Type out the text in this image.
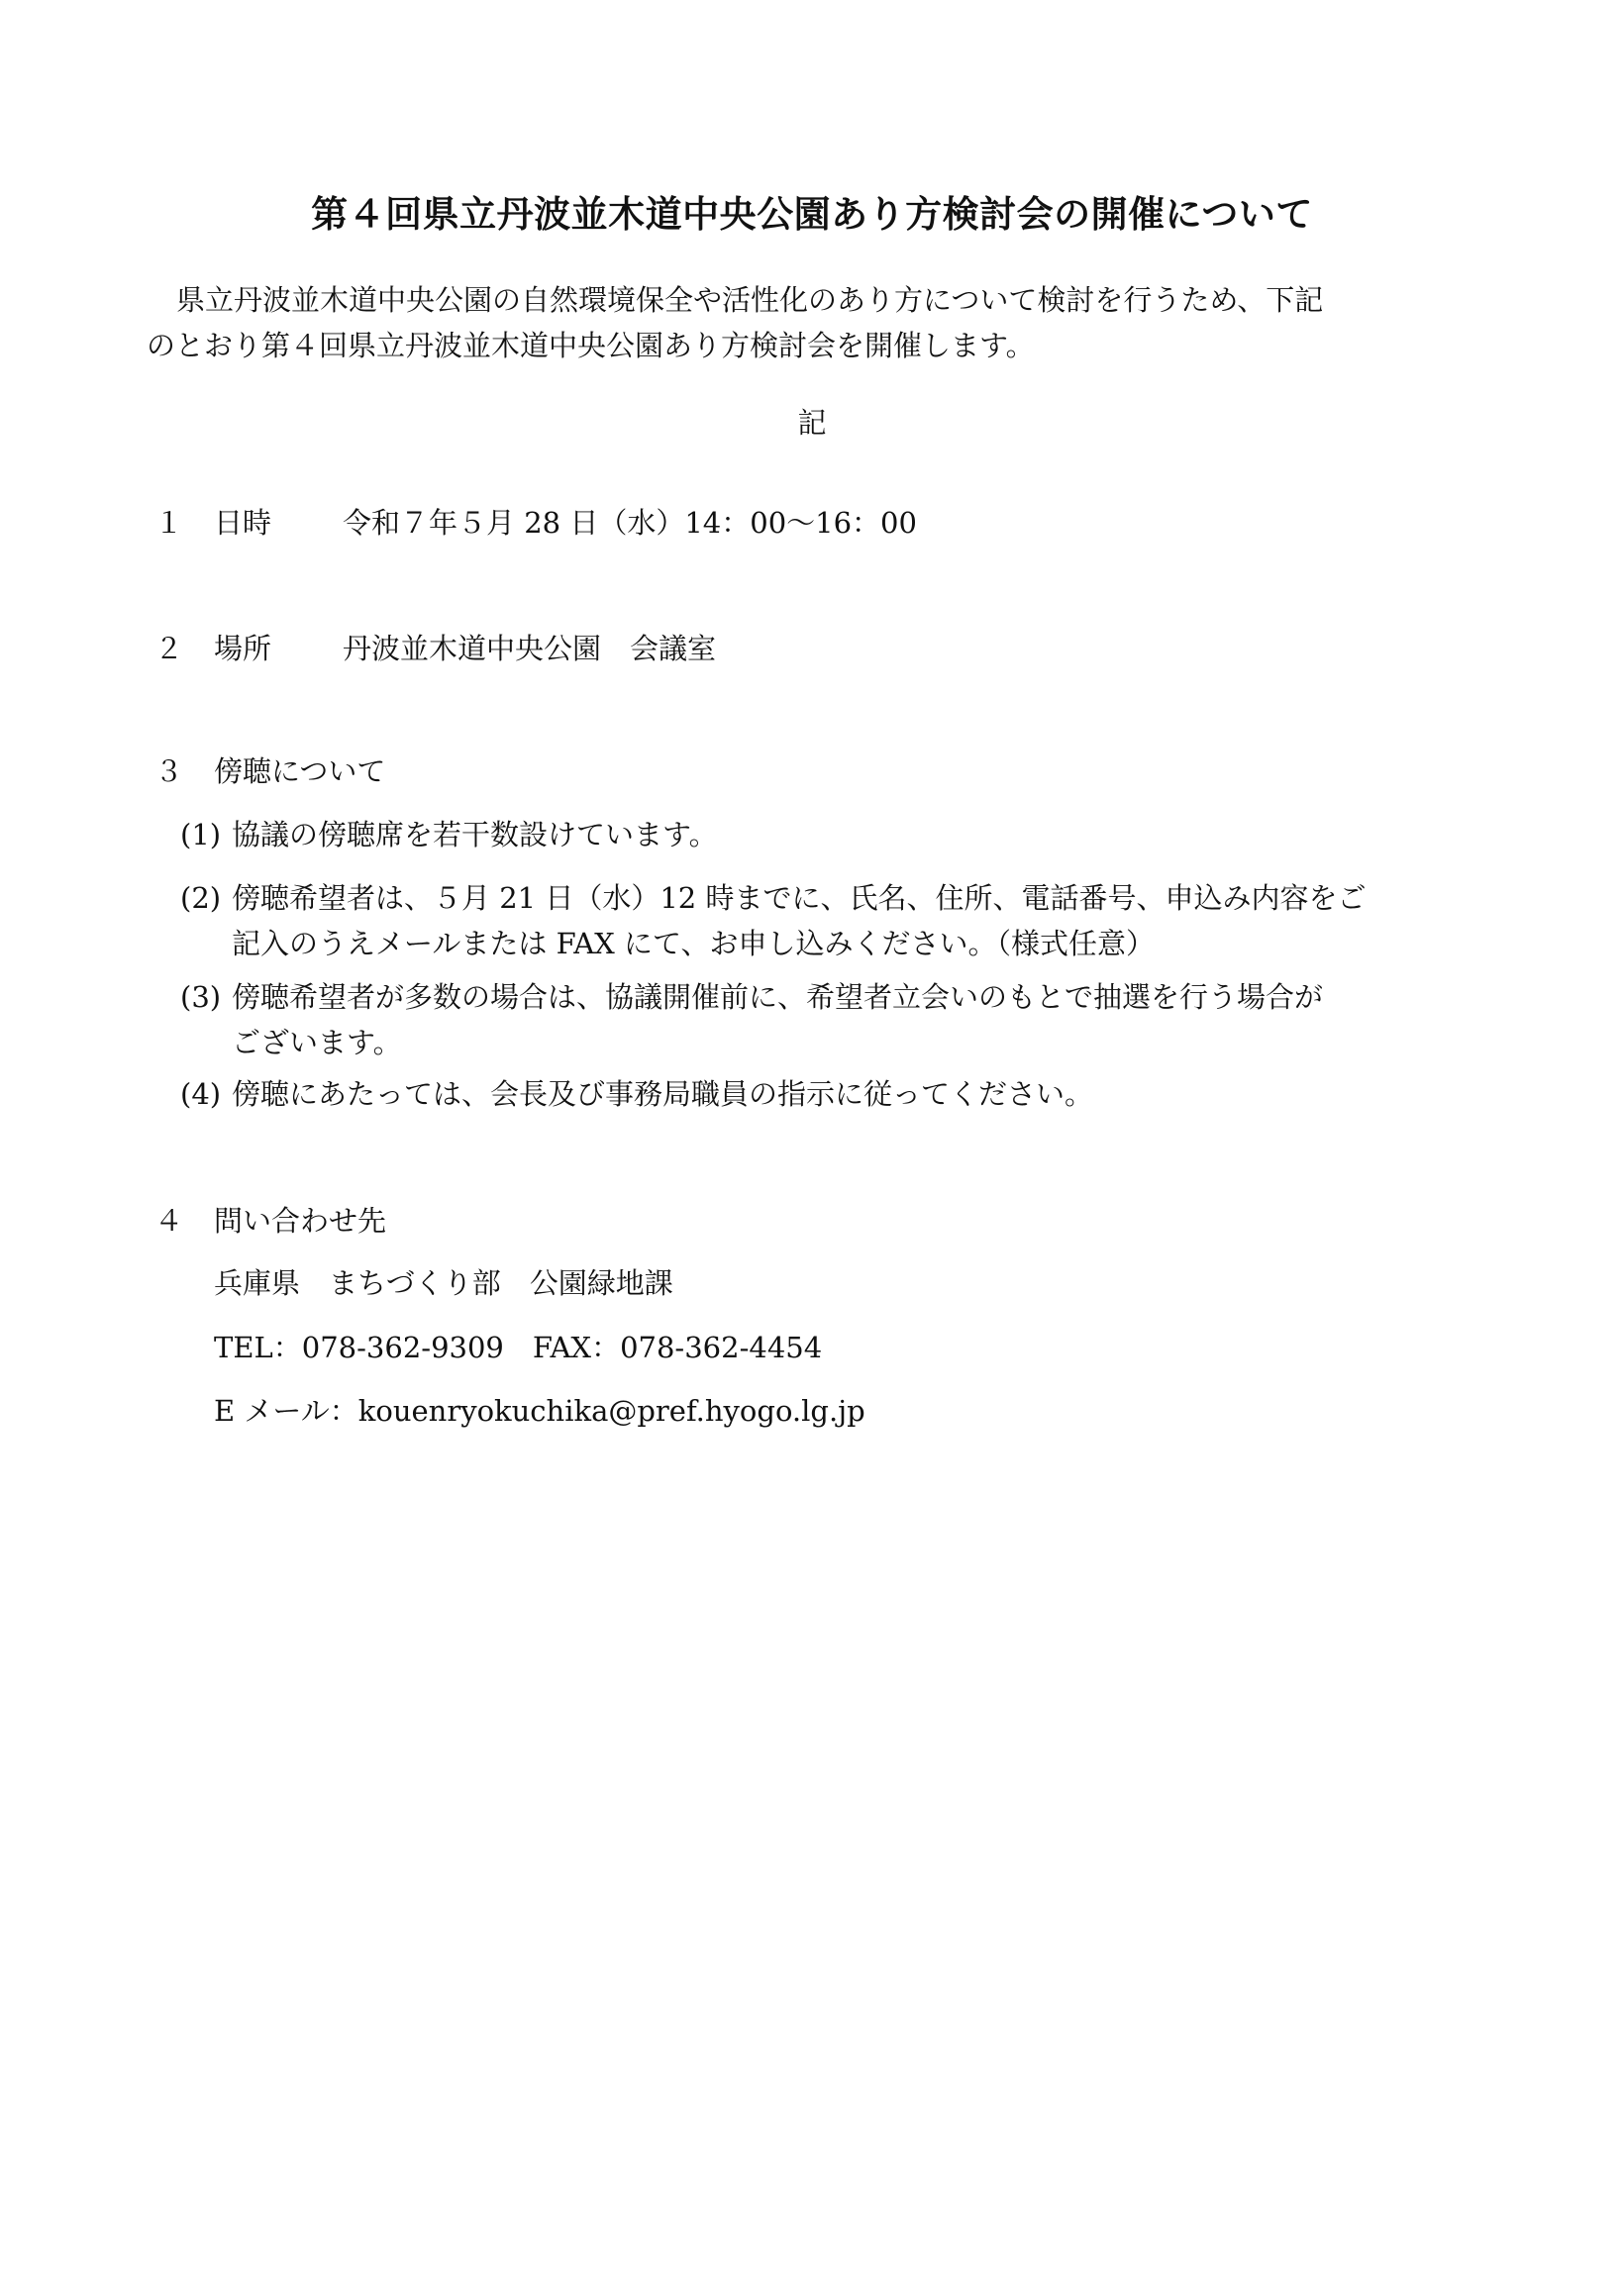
第４回県立丹波並木道中央公園あり方検討会の開催について
県立丹波並木道中央公園の自然環境保全や活性化のあり方について検討を行うため、下記
のとおり第４回県立丹波並木道中央公園あり方検討会を開催します。
記
１ 日時 令和７年５月 28 日（水）14：00～16：00
２ 場所 丹波並木道中央公園　会議室
３ 傍聴について
(1) 協議の傍聴席を若干数設けています。
(2) 傍聴希望者は、５月 21 日（水）12 時までに、氏名、住所、電話番号、申込み内容をご
記入のうえメールまたは FAX にて、お申し込みください。（様式任意）
(3) 傍聴希望者が多数の場合は、協議開催前に、希望者立会いのもとで抽選を行う場合が
ございます。
(4) 傍聴にあたっては、会長及び事務局職員の指示に従ってください。
４ 問い合わせ先
兵庫県　まちづくり部　公園緑地課
TEL：078-362-9309　FAX：078-362-4454
E メール：kouenryokuchika@pref.hyogo.lg.jp
